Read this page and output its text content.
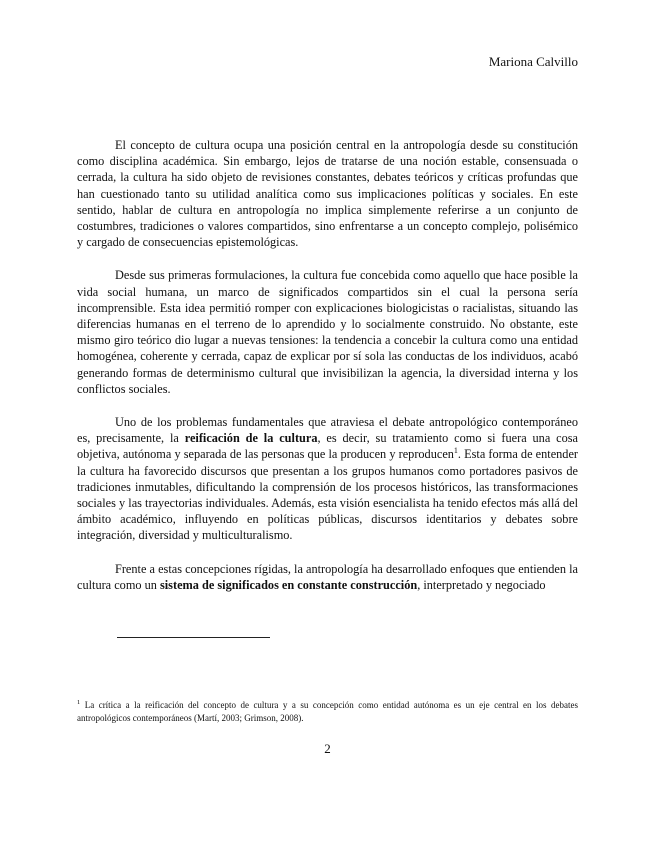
Mariona Calvillo

El concepto de cultura ocupa una posición central en la antropología desde su constitución como disciplina académica. Sin embargo, lejos de tratarse de una noción estable, consensuada o cerrada, la cultura ha sido objeto de revisiones constantes, debates teóricos y críticas profundas que han cuestionado tanto su utilidad analítica como sus implicaciones políticas y sociales. En este sentido, hablar de cultura en antropología no implica simplemente referirse a un conjunto de costumbres, tradiciones o valores compartidos, sino enfrentarse a un concepto complejo, polisémico y cargado de consecuencias epistemológicas.

Desde sus primeras formulaciones, la cultura fue concebida como aquello que hace posible la vida social humana, un marco de significados compartidos sin el cual la persona sería incomprensible. Esta idea permitió romper con explicaciones biologicistas o racialistas, situando las diferencias humanas en el terreno de lo aprendido y lo socialmente construido. No obstante, este mismo giro teórico dio lugar a nuevas tensiones: la tendencia a concebir la cultura como una entidad homogénea, coherente y cerrada, capaz de explicar por sí sola las conductas de los individuos, acabó generando formas de determinismo cultural que invisibilizan la agencia, la diversidad interna y los conflictos sociales.

Uno de los problemas fundamentales que atraviesa el debate antropológico contemporáneo es, precisamente, la reificación de la cultura, es decir, su tratamiento como si fuera una cosa objetiva, autónoma y separada de las personas que la producen y reproducen$^1$. Esta forma de entender la cultura ha favorecido discursos que presentan a los grupos humanos como portadores pasivos de tradiciones inmutables, dificultando la comprensión de los procesos históricos, las transformaciones sociales y las trayectorias individuales. Además, esta visión esencialista ha tenido efectos más allá del ámbito académico, influyendo en políticas públicas, discursos identitarios y debates sobre integración, diversidad y multiculturalismo.

Frente a estas concepciones rígidas, la antropología ha desarrollado enfoques que entienden la cultura como un sistema de significados en constante construcción, interpretado y negociado

$^1$ La crítica a la reificación del concepto de cultura y a su concepción como entidad autónoma es un eje central en los debates antropológicos contemporáneos (Martí, 2003; Grimson, 2008).
2
